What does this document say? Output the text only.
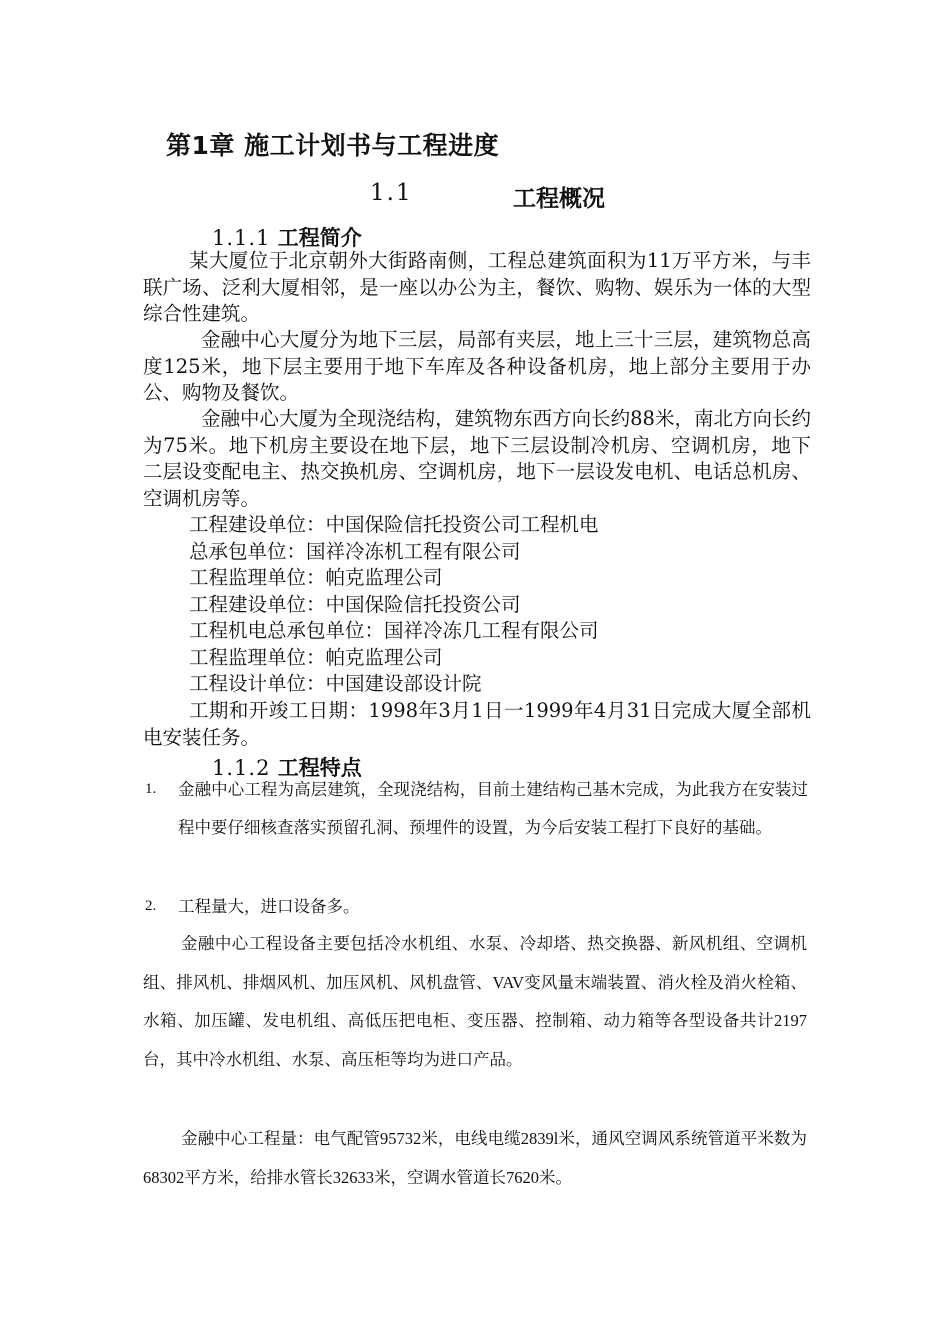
第1章 施工计划书与工程进度
1.1	工程概况
1.1.1 工程简介

某大厦位于北京朝外大街路南侧，工程总建筑面积为11万平方米，与丰联广场、泛利大厦相邻，是一座以办公为主，餐饮、购物、娱乐为一体的大型综合性建筑。

金融中心大厦分为地下三层，局部有夹层，地上三十三层，建筑物总高度125米，地下层主要用于地下车库及各种设备机房，地上部分主要用于办公、购物及餐饮。

金融中心大厦为全现浇结构，建筑物东西方向长约88米，南北方向长约为75米。地下机房主要设在地下层，地下三层设制冷机房、空调机房，地下二层设变配电主、热交换机房、空调机房，地下一层设发电机、电话总机房、空调机房等。

工程建设单位：中国保险信托投资公司工程机电
总承包单位：国祥冷冻机工程有限公司
工程监理单位：帕克监理公司
工程建设单位：中国保险信托投资公司
工程机电总承包单位：国祥冷冻几工程有限公司
工程监理单位：帕克监理公司
工程设计单位：中国建设部设计院

工期和开竣工日期：1998年3月1日一1999年4月31日完成大厦全部机电安装任务。

1.1.2 工程特点
1. 金融中心工程为高层建筑，全现浇结构，目前土建结构己基木完成，为此我方在安装过程中要仔细核查落实预留孔洞、预埋件的设置，为今后安装工程打下良好的基础。

2. 工程量大，进口设备多。

金融中心工程设备主要包括冷水机组、水泵、冷却塔、热交换器、新风机组、空调机组、排风机、排烟风机、加压风机、风机盘管、VAV变风量末端装置、消火栓及消火栓箱、水箱、加压罐、发电机组、高低压把电柜、变压器、控制箱、动力箱等各型设备共计2197台，其中冷水机组、水泵、高压柜等均为进口产品。

金融中心工程量：电气配管95732米，电线电缆2839l米，通风空调风系统管道平米数为68302平方米，给排水管长32633米，空调水管道长7620米。
